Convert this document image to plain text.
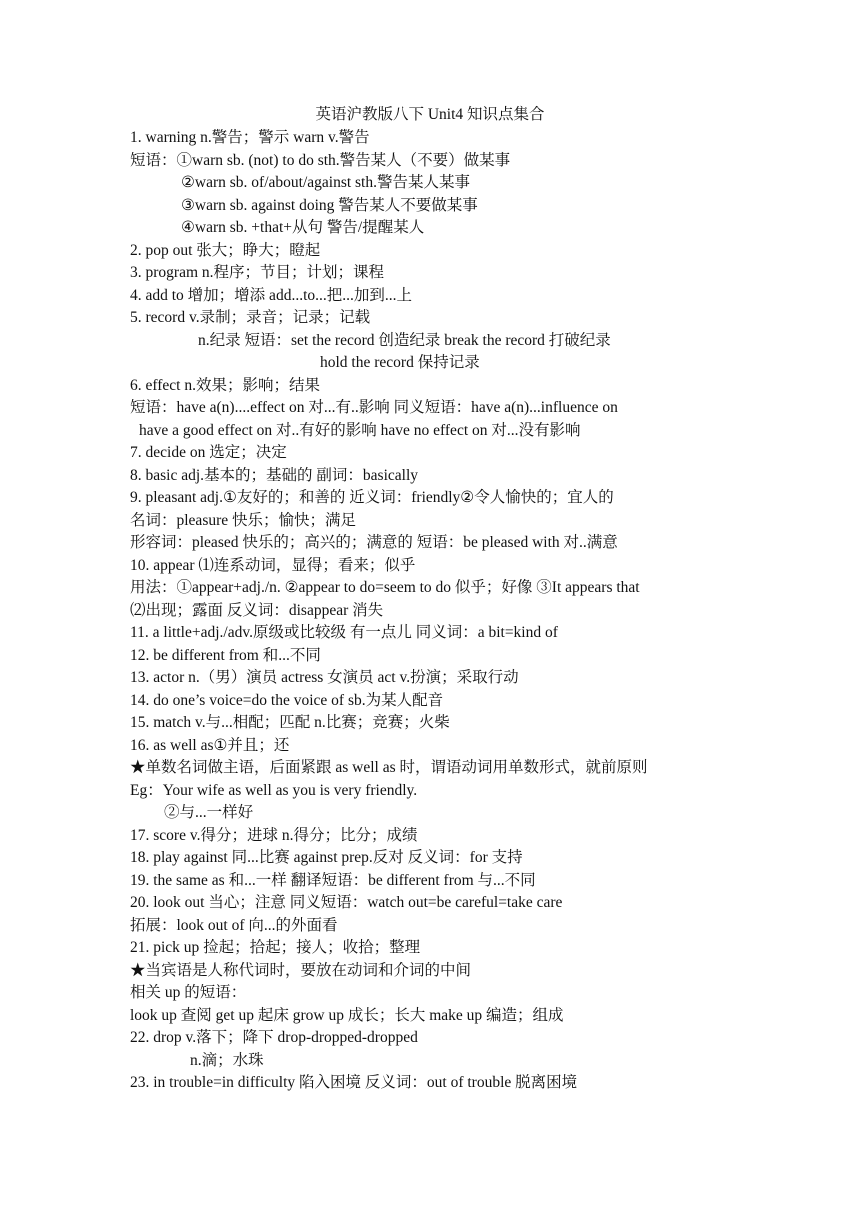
英语沪教版八下 Unit4 知识点集合
1. warning n.警告；警示 warn v.警告
短语：①warn sb. (not) to do sth.警告某人（不要）做某事
②warn sb. of/about/against sth.警告某人某事
③warn sb. against doing 警告某人不要做某事
④warn sb. +that+从句 警告/提醒某人
2. pop out 张大；睁大；瞪起
3. program n.程序；节目；计划；课程
4. add to 增加；增添 add...to...把...加到...上
5. record v.录制；录音；记录；记载
n.纪录 短语：set the record 创造纪录 break the record 打破纪录
hold the record 保持记录
6. effect n.效果；影响；结果
短语：have a(n)....effect on 对...有..影响 同义短语：have a(n)...influence on
have a good effect on 对..有好的影响 have no effect on 对...没有影响
7. decide on 选定；决定
8. basic adj.基本的；基础的 副词：basically
9. pleasant adj.①友好的；和善的 近义词：friendly②令人愉快的；宜人的
名词：pleasure 快乐；愉快；满足
形容词：pleased 快乐的；高兴的；满意的 短语：be pleased with 对..满意
10. appear ⑴连系动词，显得；看来；似乎
用法：①appear+adj./n. ②appear to do=seem to do 似乎；好像 ③It appears that
⑵出现；露面 反义词：disappear 消失
11. a little+adj./adv.原级或比较级 有一点儿 同义词：a bit=kind of
12. be different from 和...不同
13. actor n.（男）演员 actress 女演员 act v.扮演；采取行动
14. do one’s voice=do the voice of sb.为某人配音
15. match v.与...相配；匹配 n.比赛；竞赛；火柴
16. as well as①并且；还
★单数名词做主语，后面紧跟 as well as 时，谓语动词用单数形式，就前原则
Eg：Your wife as well as you is very friendly.
②与...一样好
17. score v.得分；进球 n.得分；比分；成绩
18. play against 同...比赛 against prep.反对 反义词：for 支持
19. the same as 和...一样 翻译短语：be different from 与...不同
20. look out 当心；注意 同义短语：watch out=be careful=take care
拓展：look out of 向...的外面看
21. pick up 捡起；拾起；接人；收拾；整理
★当宾语是人称代词时，要放在动词和介词的中间
相关 up 的短语：
look up 查阅 get up 起床 grow up 成长；长大 make up 编造；组成
22. drop v.落下；降下 drop-dropped-dropped
n.滴；水珠
23. in trouble=in difficulty 陷入困境 反义词：out of trouble 脱离困境
